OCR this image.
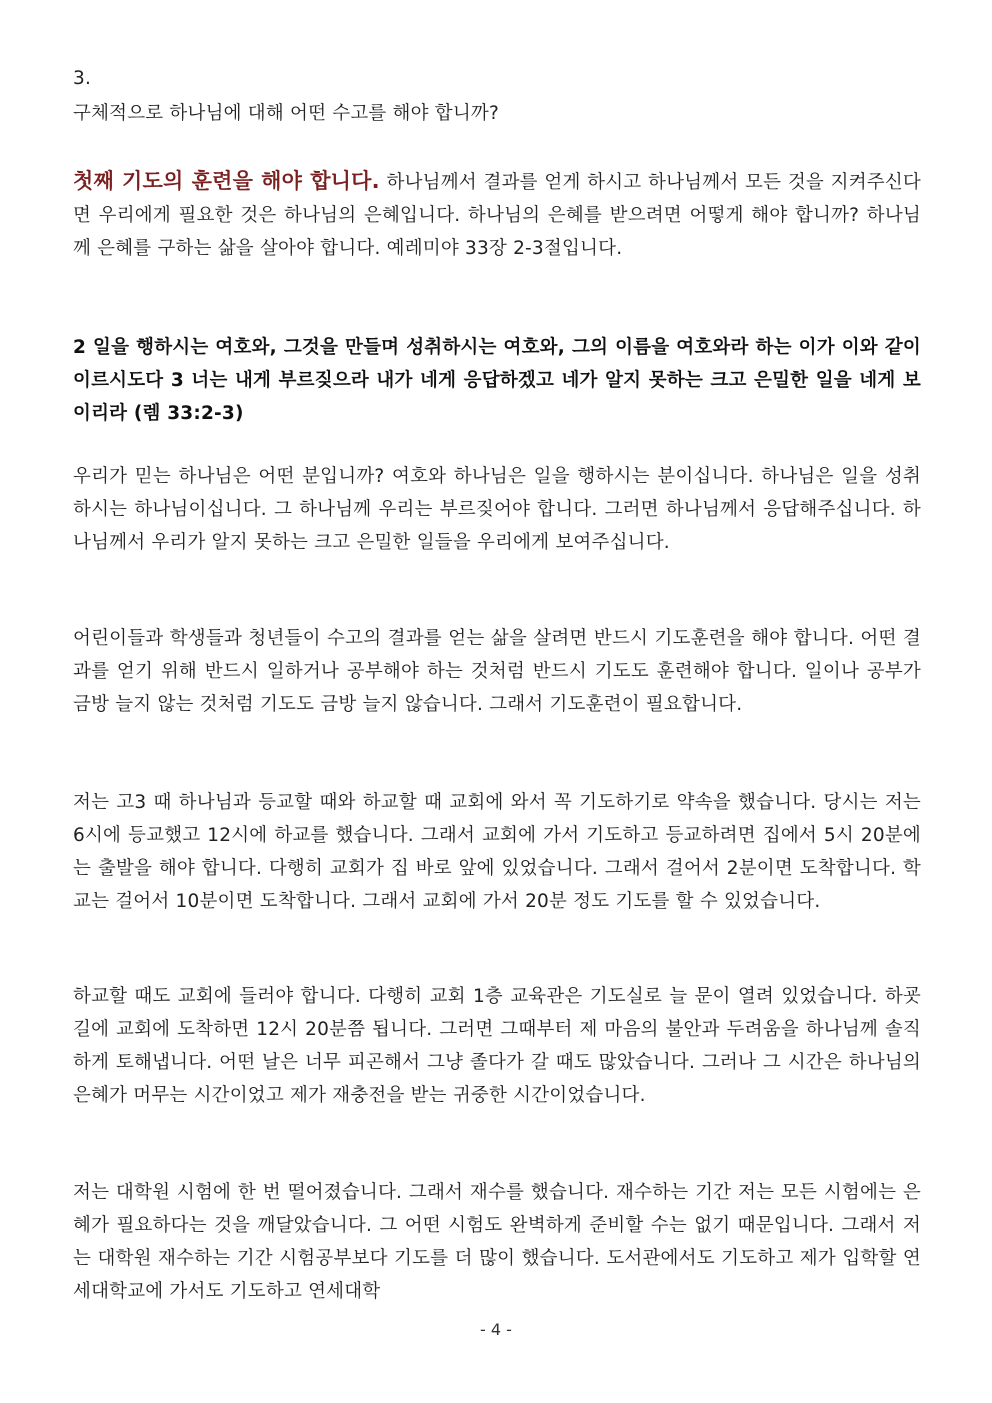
3.
구체적으로 하나님에 대해 어떤 수고를 해야 합니까?
첫째 기도의 훈련을 해야 합니다. 하나님께서 결과를 얻게 하시고 하나님께서 모든 것을 지켜주신다면 우리에게 필요한 것은 하나님의 은혜입니다. 하나님의 은혜를 받으려면 어떻게 해야 합니까? 하나님께 은혜를 구하는 삶을 살아야 합니다. 예레미야 33장 2-3절입니다.
2 일을 행하시는 여호와, 그것을 만들며 성취하시는 여호와, 그의 이름을 여호와라 하는 이가 이와 같이 이르시도다 3 너는 내게 부르짖으라 내가 네게 응답하겠고 네가 알지 못하는 크고 은밀한 일을 네게 보이리라 (렘 33:2-3)
우리가 믿는 하나님은 어떤 분입니까? 여호와 하나님은 일을 행하시는 분이십니다. 하나님은 일을 성취하시는 하나님이십니다. 그 하나님께 우리는 부르짖어야 합니다. 그러면 하나님께서 응답해주십니다. 하나님께서 우리가 알지 못하는 크고 은밀한 일들을 우리에게 보여주십니다.
어린이들과 학생들과 청년들이 수고의 결과를 얻는 삶을 살려면 반드시 기도훈련을 해야 합니다. 어떤 결과를 얻기 위해 반드시 일하거나 공부해야 하는 것처럼 반드시 기도도 훈련해야 합니다. 일이나 공부가 금방 늘지 않는 것처럼 기도도 금방 늘지 않습니다. 그래서 기도훈련이 필요합니다.
저는 고3 때 하나님과 등교할 때와 하교할 때 교회에 와서 꼭 기도하기로 약속을 했습니다. 당시는 저는 6시에 등교했고 12시에 하교를 했습니다. 그래서 교회에 가서 기도하고 등교하려면 집에서 5시 20분에는 출발을 해야 합니다. 다행히 교회가 집 바로 앞에 있었습니다. 그래서 걸어서 2분이면 도착합니다. 학교는 걸어서 10분이면 도착합니다. 그래서 교회에 가서 20분 정도 기도를 할 수 있었습니다.
하교할 때도 교회에 들러야 합니다. 다행히 교회 1층 교육관은 기도실로 늘 문이 열려 있었습니다. 하굣길에 교회에 도착하면 12시 20분쯤 됩니다. 그러면 그때부터 제 마음의 불안과 두려움을 하나님께 솔직하게 토해냅니다. 어떤 날은 너무 피곤해서 그냥 졸다가 갈 때도 많았습니다. 그러나 그 시간은 하나님의 은혜가 머무는 시간이었고 제가 재충전을 받는 귀중한 시간이었습니다.
저는 대학원 시험에 한 번 떨어졌습니다. 그래서 재수를 했습니다. 재수하는 기간 저는 모든 시험에는 은혜가 필요하다는 것을 깨달았습니다. 그 어떤 시험도 완벽하게 준비할 수는 없기 때문입니다. 그래서 저는 대학원 재수하는 기간 시험공부보다 기도를 더 많이 했습니다. 도서관에서도 기도하고 제가 입학할 연세대학교에 가서도 기도하고 연세대학
- 4 -
